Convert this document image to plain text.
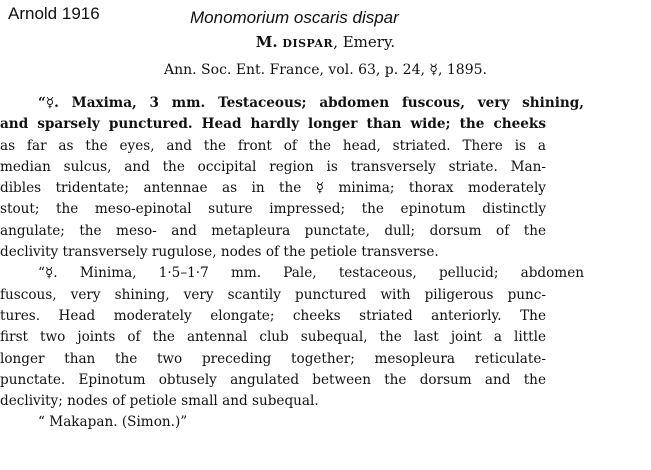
Arnold 1916	Monomorium oscaris dispar
M. dispar, Emery.
Ann. Soc. Ent. France, vol. 63, p. 24, ☿, 1895.
“☿. Maxima, 3 mm. Testaceous; abdomen fuscous, very shining,
and sparsely punctured. Head hardly longer than wide; the cheeks
as far as the eyes, and the front of the head, striated. There is a
median sulcus, and the occipital region is transversely striate. Man-
dibles tridentate; antennae as in the ☿ minima; thorax moderately
stout; the meso-epinotal suture impressed; the epinotum distinctly
angulate; the meso- and metapleura punctate, dull; dorsum of the
declivity transversely rugulose, nodes of the petiole transverse.
“☿. Minima, 1·5–1·7 mm. Pale, testaceous, pellucid; abdomen
fuscous, very shining, very scantily punctured with piligerous punc-
tures. Head moderately elongate; cheeks striated anteriorly. The
first two joints of the antennal club subequal, the last joint a little
longer than the two preceding together; mesopleura reticulate-
punctate. Epinotum obtusely angulated between the dorsum and the
declivity; nodes of petiole small and subequal.
“ Makapan. (Simon.)”
